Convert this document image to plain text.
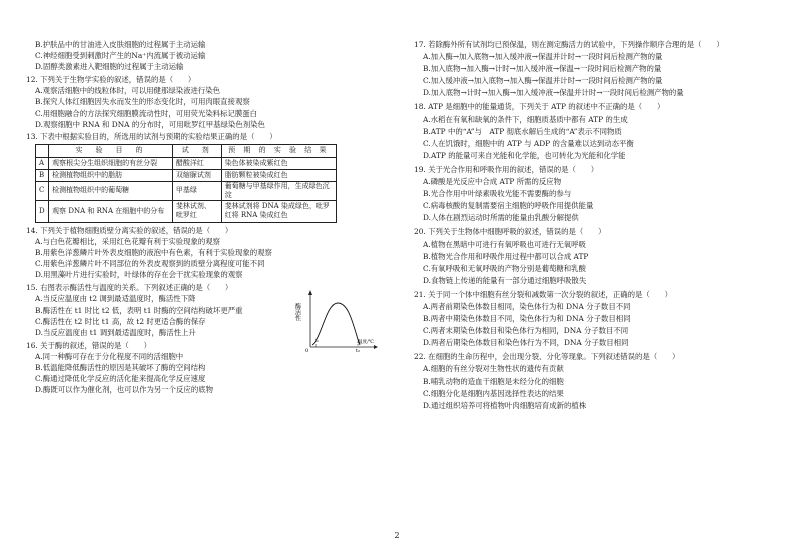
B.护肤品中的甘油进入皮肤细胞的过程属于主动运输
C.神经细胞受到刺激时产生的Na⁺内流属于被动运输
D.固醇类激素进入靶细胞的过程属于主动运输
12. 下列关于生物学实验的叙述，错误的是（　　）
A.观察活细胞中的线粒体时，可以用健那绿染液进行染色
B.探究人体红细胞因失水而发生的形态变化时，可用肉眼直接观察
C.用细胞融合的方法探究细胞膜流动性时，可用荧光染料标记膜蛋白
D.观察细胞中 RNA 和 DNA 的分布时，可用吡罗红甲基绿染色剂染色
13. 下表中根据实验目的，所选用的试剂与预期的实验结果正确的是（　　）
	实　验　目　的	试　剂	预 期 的 实 验 结 果
A	观察根尖分生组织细胞的有丝分裂	醋酸洋红	染色体被染成紫红色
B	检测植物组织中的脂肪	双缩脲试剂	脂肪颗粒被染成红色
C	检测植物组织中的葡萄糖	甲基绿	葡萄糖与甲基绿作用，生成绿色沉淀
D	观察 DNA 和 RNA 在细胞中的分布	斐林试剂、吡罗红	斐林试剂将 DNA 染成绿色，吡罗红将 RNA 染成红色
14. 下列关于植物细胞质壁分离实验的叙述，错误的是（　　）
A.与白色花瓣相比，采用红色花瓣有利于实验现象的观察
B.用紫色洋葱鳞片叶外表皮细胞的液泡中有色素，有利于实验现象的观察
C.用紫色洋葱鳞片叶不同部位的外表皮观察到的质壁分离程度可能不同
D.用黑藻叶片进行实验时，叶绿体的存在会干扰实验现象的观察
15. 右图表示酶活性与温度的关系。下列叙述正确的是（　　）
A.当反应温度由 t2 调到最适温度时，酶活性下降
B.酶活性在 t1 时比 t2 低，表明 t1 时酶的空间结构破坏更严重
C.酶活性在 t2 时比 t1 高，故 t2 时更适合酶的保存
D.当反应温度由 t1 调到最适温度时，酶活性上升
酶活性
0
t₁
t₂
温度/℃
16. 关于酶的叙述，错误的是（　　）
A.同一种酶可存在于分化程度不同的活细胞中
B.低温能降低酶活性的原因是其破坏了酶的空间结构
C.酶通过降低化学反应的活化能来提高化学反应速度
D.酶既可以作为催化剂，也可以作为另一个反应的底物
17. 若除酶外所有试剂均已预保温，则在测定酶活力的试验中，下列操作顺序合理的是（　　）
A.加入酶→加入底物→加入缓冲液→保温并计时→一段时间后检测产物的量
B.加入底物→加入酶→计时→加入缓冲液→保温→一段时间后检测产物的量
C.加入缓冲液→加入底物→加入酶→保温并计时→一段时间后检测产物的量
D.加入底物→计时→加入酶→加入缓冲液→保温并计时→一段时间后检测产物的量
18. ATP 是细胞中的能量通货，下列关于 ATP 的叙述中不正确的是（　　）
A.水稻在有氧和缺氧的条件下，细胞质基质中都有 ATP 的生成
B.ATP 中的“A”与　ATP 彻底水解后生成的“A”表示不同物质
C.人在饥饿时，细胞中的 ATP 与 ADP 的含量难以达到动态平衡
D.ATP 的能量可来自光能和化学能，也可转化为光能和化学能
19. 关于光合作用和呼吸作用的叙述，错误的是（　　）
A.磷酸是光反应中合成 ATP 所需的反应物
B.光合作用中叶绿素吸收光能不需要酶的参与
C.病毒核酸的复制需要宿主细胞的呼吸作用提供能量
D.人体在剧烈运动时所需的能量由乳酸分解提供
20. 下列关于生物体中细胞呼吸的叙述，错误的是（　　）
A.植物在黑暗中可进行有氧呼吸也可进行无氧呼吸
B.植物光合作用和呼吸作用过程中都可以合成 ATP
C.有氧呼吸和无氧呼吸的产物分别是葡萄糖和乳酸
D.食物链上传递的能量有一部分通过细胞呼吸散失
21. 关于同一个体中细胞有丝分裂和减数第一次分裂的叙述，正确的是（　　）
A.两者前期染色体数目相同，染色体行为和 DNA 分子数目不同
B.两者中期染色体数目不同，染色体行为和 DNA 分子数目相同
C.两者末期染色体数目和染色体行为相同，DNA 分子数目不同
D.两者后期染色体数目和染色体行为不同，DNA 分子数目相同
22. 在细胞的生命历程中，会出现分裂、分化等现象。下列叙述错误的是（　　）
A.细胞的有丝分裂对生物性状的遗传有贡献
B.哺乳动物的造血干细胞是未经分化的细胞
C.细胞分化是细胞内基因选择性表达的结果
D.通过组织培养可将植物叶肉细胞培育成新的植株
2
